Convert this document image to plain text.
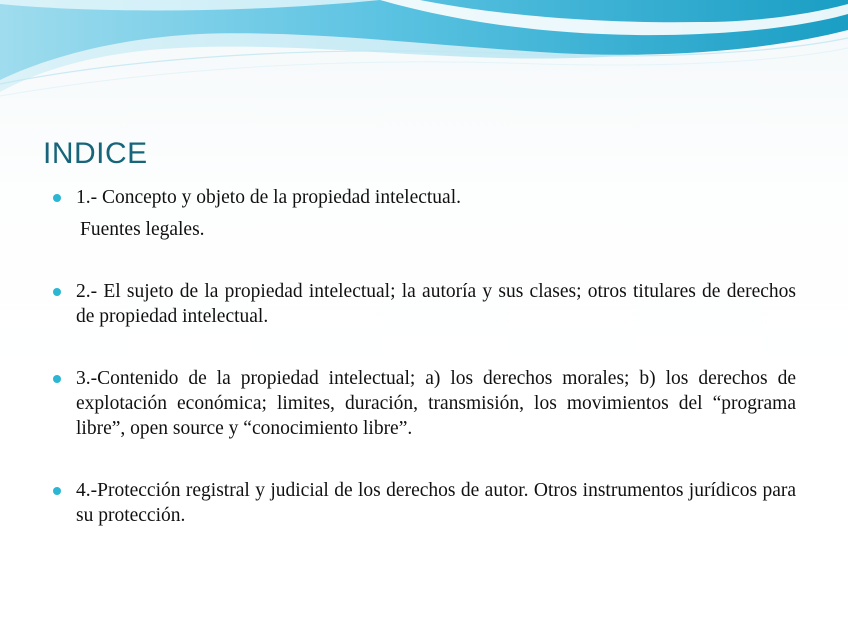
INDICE
1.- Concepto y objeto de la propiedad intelectual.
Fuentes legales.
2.- El sujeto de la propiedad intelectual; la autoría y sus clases; otros titulares de derechos de propiedad intelectual.
3.-Contenido de la propiedad intelectual; a) los derechos morales; b) los derechos de explotación económica; limites, duración, transmisión, los movimientos del “programa libre”, open source y “conocimiento libre”.
4.-Protección registral y judicial de los derechos de autor. Otros instrumentos jurídicos para su protección.
